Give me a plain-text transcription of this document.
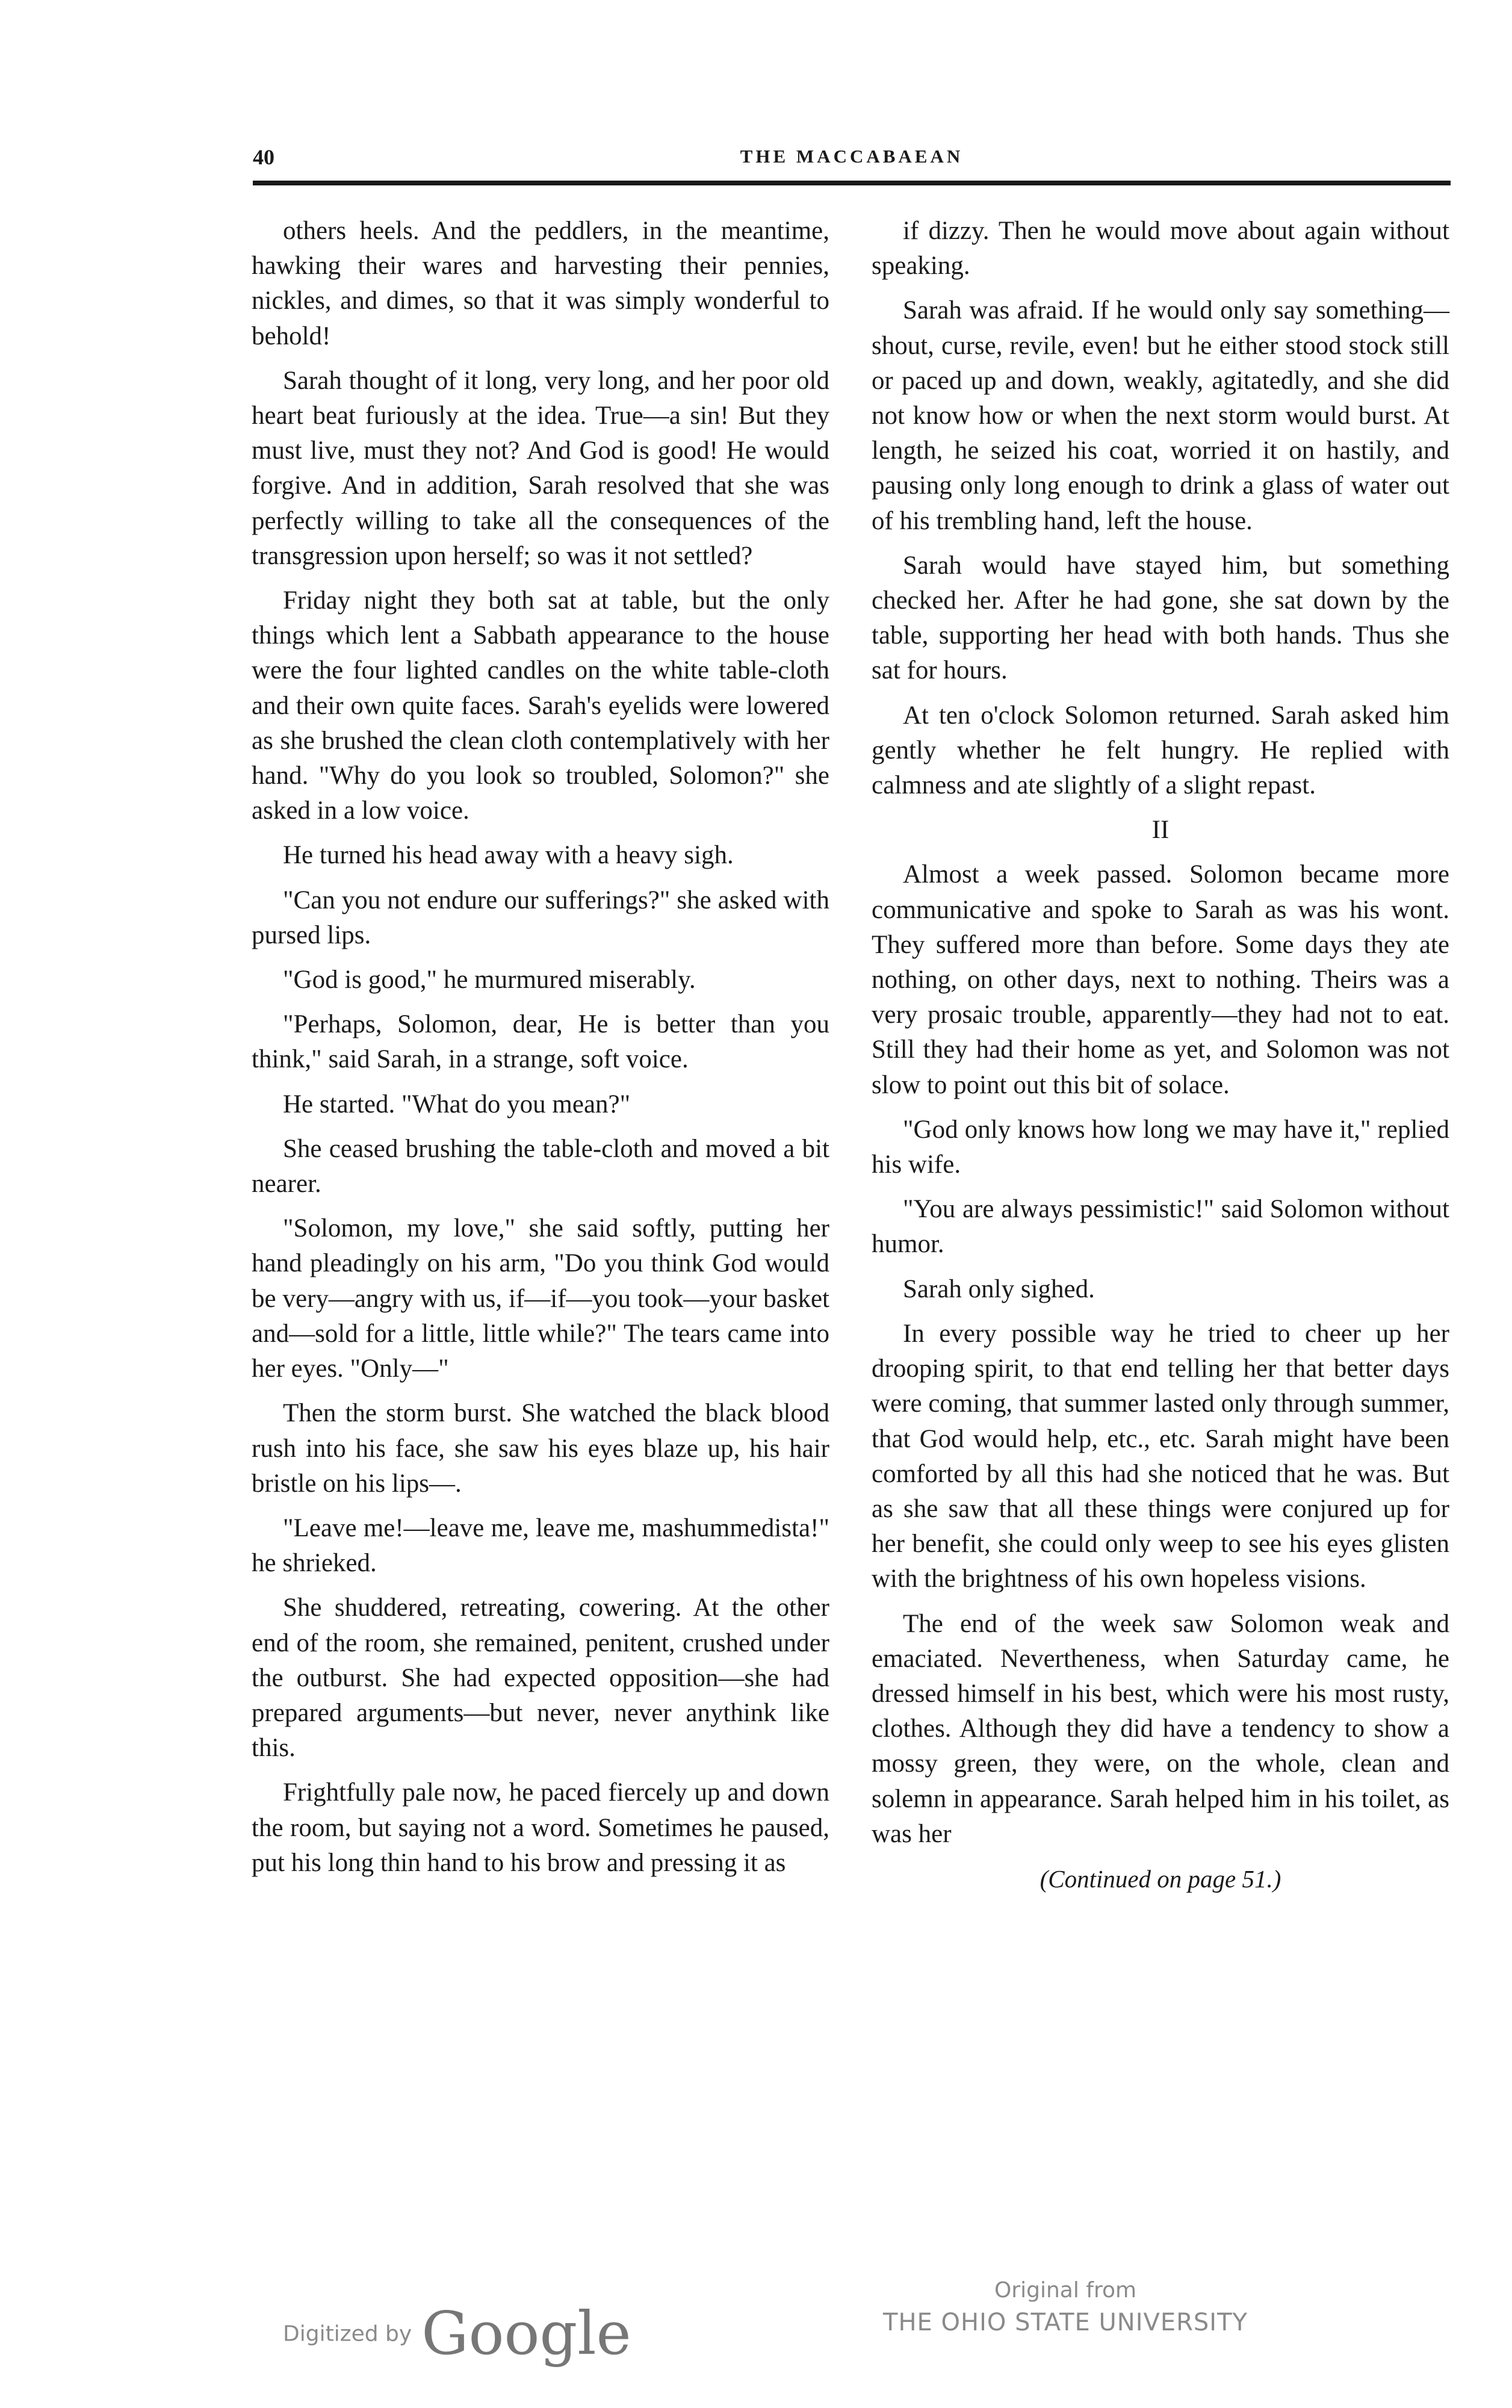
40	THE MACCABAEAN

others heels. And the peddlers, in the meantime, hawking their wares and harvesting their pennies, nickles, and dimes, so that it was simply wonderful to behold!

Sarah thought of it long, very long, and her poor old heart beat furiously at the idea. True—a sin! But they must live, must they not? And God is good! He would forgive. And in addition, Sarah resolved that she was perfectly willing to take all the consequences of the transgression upon herself; so was it not settled?

Friday night they both sat at table, but the only things which lent a Sabbath appearance to the house were the four lighted candles on the white table-cloth and their own quite faces. Sarah's eyelids were lowered as she brushed the clean cloth contemplatively with her hand. "Why do you look so troubled, Solomon?" she asked in a low voice.

He turned his head away with a heavy sigh.

"Can you not endure our sufferings?" she asked with pursed lips.

"God is good," he murmured miserably.

"Perhaps, Solomon, dear, He is better than you think," said Sarah, in a strange, soft voice.

He started. "What do you mean?"

She ceased brushing the table-cloth and moved a bit nearer.

"Solomon, my love," she said softly, putting her hand pleadingly on his arm, "Do you think God would be very—angry with us, if—if—you took—your basket and—sold for a little, little while?" The tears came into her eyes. "Only—"

Then the storm burst. She watched the black blood rush into his face, she saw his eyes blaze up, his hair bristle on his lips—.

"Leave me!—leave me, leave me, mashummedista!" he shrieked.

She shuddered, retreating, cowering. At the other end of the room, she remained, penitent, crushed under the outburst. She had expected opposition—she had prepared arguments—but never, never anythink like this.

Frightfully pale now, he paced fiercely up and down the room, but saying not a word. Sometimes he paused, put his long thin hand to his brow and pressing it as

if dizzy. Then he would move about again without speaking.

Sarah was afraid. If he would only say something—shout, curse, revile, even! but he either stood stock still or paced up and down, weakly, agitatedly, and she did not know how or when the next storm would burst. At length, he seized his coat, worried it on hastily, and pausing only long enough to drink a glass of water out of his trembling hand, left the house.

Sarah would have stayed him, but something checked her. After he had gone, she sat down by the table, supporting her head with both hands. Thus she sat for hours.

At ten o'clock Solomon returned. Sarah asked him gently whether he felt hungry. He replied with calmness and ate slightly of a slight repast.

II

Almost a week passed. Solomon became more communicative and spoke to Sarah as was his wont. They suffered more than before. Some days they ate nothing, on other days, next to nothing. Theirs was a very prosaic trouble, apparently—they had not to eat. Still they had their home as yet, and Solomon was not slow to point out this bit of solace.

"God only knows how long we may have it," replied his wife.

"You are always pessimistic!" said Solomon without humor.

Sarah only sighed.

In every possible way he tried to cheer up her drooping spirit, to that end telling her that better days were coming, that summer lasted only through summer, that God would help, etc., etc. Sarah might have been comforted by all this had she noticed that he was. But as she saw that all these things were conjured up for her benefit, she could only weep to see his eyes glisten with the brightness of his own hopeless visions.

The end of the week saw Solomon weak and emaciated. Nevertheness, when Saturday came, he dressed himself in his best, which were his most rusty, clothes. Although they did have a tendency to show a mossy green, they were, on the whole, clean and solemn in appearance. Sarah helped him in his toilet, as was her

(Continued on page 51.)

Digitized by Google
Original from
THE OHIO STATE UNIVERSITY
